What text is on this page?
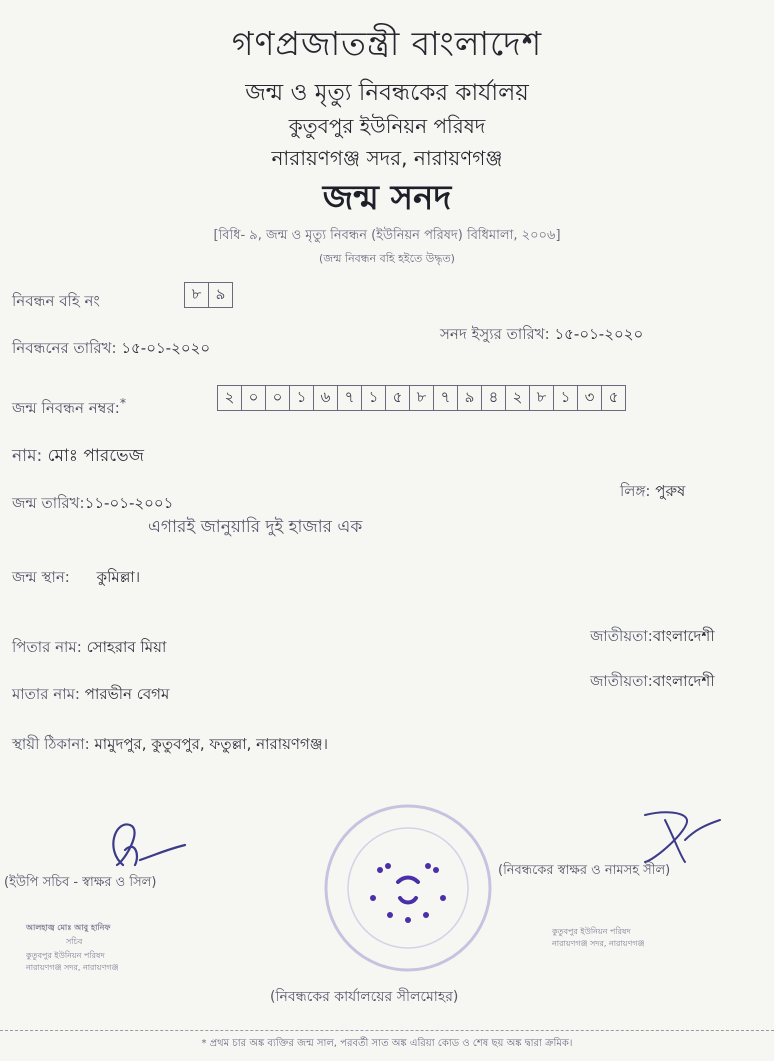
গণপ্রজাতন্ত্রী বাংলাদেশ
জন্ম ও মৃত্যু নিবন্ধকের কার্যালয়
কুতুবপুর ইউনিয়ন পরিষদ
নারায়ণগঞ্জ সদর, নারায়ণগঞ্জ
জন্ম সনদ
[বিধি- ৯, জন্ম ও মৃত্যু নিবন্ধন (ইউনিয়ন পরিষদ) বিধিমালা, ২০০৬]
(জন্ম নিবন্ধন বহি হইতে উদ্ধৃত)
নিবন্ধন বহি নং	৮ ৯
নিবন্ধনের তারিখ: ১৫-০১-২০২০
সনদ ইস্যুর তারিখ: ১৫-০১-২০২০
জন্ম নিবন্ধন নম্বর:*	২ ০ ০ ১ ৬ ৭ ১ ৫ ৮ ৭ ৯ ৪ ২ ৮ ১ ৩ ৫
নাম: মোঃ পারভেজ
জন্ম তারিখ:১১-০১-২০০১
এগারই জানুয়ারি দুই হাজার এক
লিঙ্গ: পুরুষ
জন্ম স্থান: কুমিল্লা।
পিতার নাম: সোহরাব মিয়া
জাতীয়তা:বাংলাদেশী
মাতার নাম: পারভীন বেগম
জাতীয়তা:বাংলাদেশী
স্থায়ী ঠিকানা: মামুদপুর, কুতুবপুর, ফতুল্লা, নারায়ণগঞ্জ।
(ইউপি সচিব - স্বাক্ষর ও সিল)
আলহাজ্ব মোঃ আবু হানিফ
সচিব
কুতুবপুর ইউনিয়ন পরিষদ
নারায়ণগঞ্জ সদর, নারায়ণগঞ্জ
(নিবন্ধকের কার্যালয়ের সীলমোহর)
(নিবন্ধকের স্বাক্ষর ও নামসহ সীল)
কুতুবপুর ইউনিয়ন পরিষদ
নারায়ণগঞ্জ সদর, নারায়ণগঞ্জ
* প্রথম চার অঙ্ক ব্যক্তির জন্ম সাল, পরবর্তী সাত অঙ্ক এরিয়া কোড ও শেষ ছয় অঙ্ক দ্বারা ক্রমিক।
